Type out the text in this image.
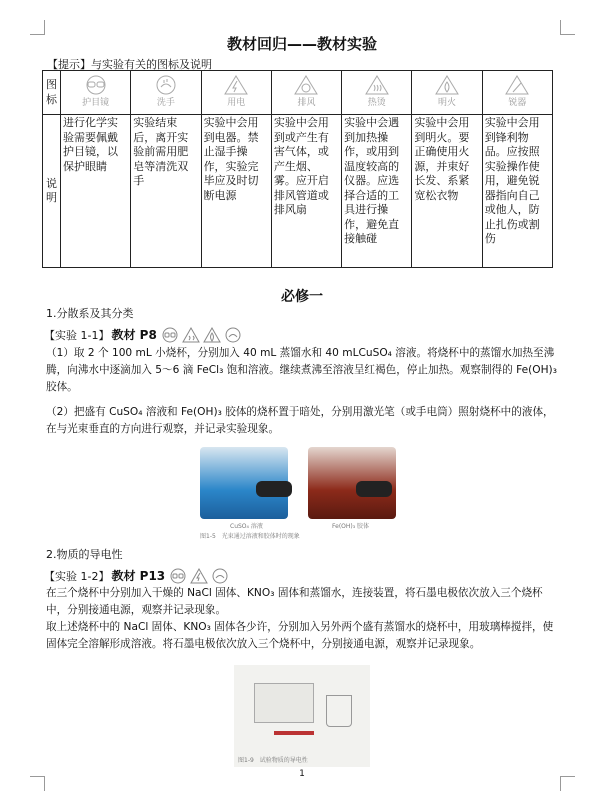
教材回归——教材实验
【提示】与实验有关的图标及说明
图标	护目镜	洗手	用电	排风	热烫	明火	锐器

说明	进行化学实验需要佩戴护目镜，以保护眼睛	实验结束后，离开实验前需用肥皂等清洗双手	实验中会用到电器。禁止湿手操作，实验完毕应及时切断电源	实验中会用到或产生有害气体，或产生烟、雾。应开启排风管道或排风扇	实验中会遇到加热操作，或用到温度较高的仪器。应选择合适的工具进行操作，避免直接触碰	实验中会用到明火。要正确使用火源，并束好长发、系紧宽松衣物	实验中会用到锋利物品。应按照实验操作使用，避免锐器指向自己或他人，防止扎伤或割伤
必修一
1.分散系及其分类
【实验 1-1】 教材 P8
（1）取 2 个 100 mL 小烧杯，分别加入 40 mL 蒸馏水和 40 mLCuSO₄ 溶液。将烧杯中的蒸馏水加热至沸腾，向沸水中逐滴加入 5～6 滴 FeCl₃ 饱和溶液。继续煮沸至溶液呈红褐色，停止加热。观察制得的 Fe(OH)₃ 胶体。
（2）把盛有 CuSO₄ 溶液和 Fe(OH)₃ 胶体的烧杯置于暗处，分别用激光笔（或手电筒）照射烧杯中的液体，在与光束垂直的方向进行观察，并记录实验现象。
CuSO₄ 溶液	Fe(OH)₃ 胶体
图1-5　光束通过溶液和胶体时的现象
2.物质的导电性
【实验 1-2】 教材 P13
在三个烧杯中分别加入干燥的 NaCl 固体、KNO₃ 固体和蒸馏水，连接装置，将石墨电极依次放入三个烧杯中，分别接通电源，观察并记录现象。
取上述烧杯中的 NaCl 固体、KNO₃ 固体各少许，分别加入另外两个盛有蒸馏水的烧杯中，用玻璃棒搅拌，使固体完全溶解形成溶液。将石墨电极依次放入三个烧杯中，分别接通电源，观察并记录现象。
图1-9　试验物质的导电性
1
